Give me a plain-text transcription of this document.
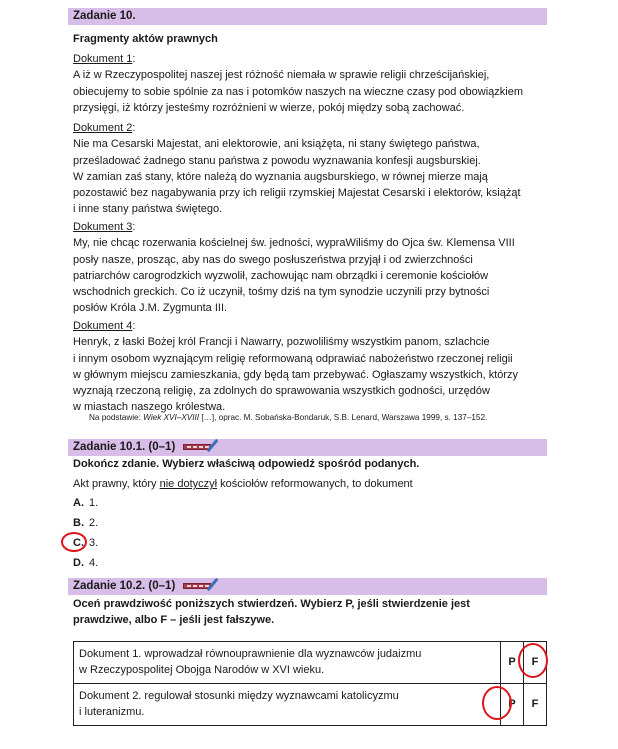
Zadanie 10.
Fragmenty aktów prawnych
Dokument 1:
A iż w Rzeczypospolitej naszej jest różność niemała w sprawie religii chrześcijańskiej,
obiecujemy to sobie spólnie za nas i potomków naszych na wieczne czasy pod obowiązkiem
przysięgi, iż którzy jesteśmy rozróżnieni w wierze, pokój między sobą zachować.
Dokument 2:
Nie ma Cesarski Majestat, ani elektorowie, ani książęta, ni stany świętego państwa,
prześladować żadnego stanu państwa z powodu wyznawania konfesji augsburskiej.
W zamian zaś stany, które należą do wyznania augsburskiego, w równej mierze mają
pozostawić bez nagabywania przy ich religii rzymskiej Majestat Cesarski i elektorów, książąt
i inne stany państwa świętego.
Dokument 3:
My, nie chcąc rozerwania kościelnej św. jedności, wypraWiliśmy do Ojca św. Klemensa VIII
posły nasze, prosząc, aby nas do swego posłuszeństwa przyjął i od zwierzchności
patriarchów carogrodzkich wyzwolił, zachowując nam obrządki i ceremonie kościołów
wschodnich greckich. Co iż uczynił, tośmy dziś na tym synodzie uczynili przy bytności
posłów Króla J.M. Zygmunta III.
Dokument 4:
Henryk, z łaski Bożej król Francji i Nawarry, pozwoliliśmy wszystkim panom, szlachcie
i innym osobom wyznającym religię reformowaną odprawiać nabożeństwo rzeczonej religii
w głównym miejscu zamieszkania, gdy będą tam przebywać. Ogłaszamy wszystkich, którzy
wyznają rzeczoną religię, za zdolnych do sprawowania wszystkich godności, urzędów
w miastach naszego królestwa.
Na podstawie: Wiek XVI–XVIII […], oprac. M. Sobańska-Bondaruk, S.B. Lenard, Warszawa 1999, s. 137–152.
Zadanie 10.1. (0–1)
Dokończ zdanie. Wybierz właściwą odpowiedź spośród podanych.
Akt prawny, który nie dotyczył kościołów reformowanych, to dokument
A. 1.
B. 2.
C. 3.
D. 4.
Zadanie 10.2. (0–1)
Oceń prawdziwość poniższych stwierdzeń. Wybierz P, jeśli stwierdzenie jest
prawdziwe, albo F – jeśli jest fałszywe.
Dokument 1. wprowadzał równouprawnienie dla wyznawców judaizmu
w Rzeczypospolitej Obojga Narodów w XVI wieku.	P	F

Dokument 2. regulował stosunki między wyznawcami katolicyzmu
i luteranizmu.	P	F
